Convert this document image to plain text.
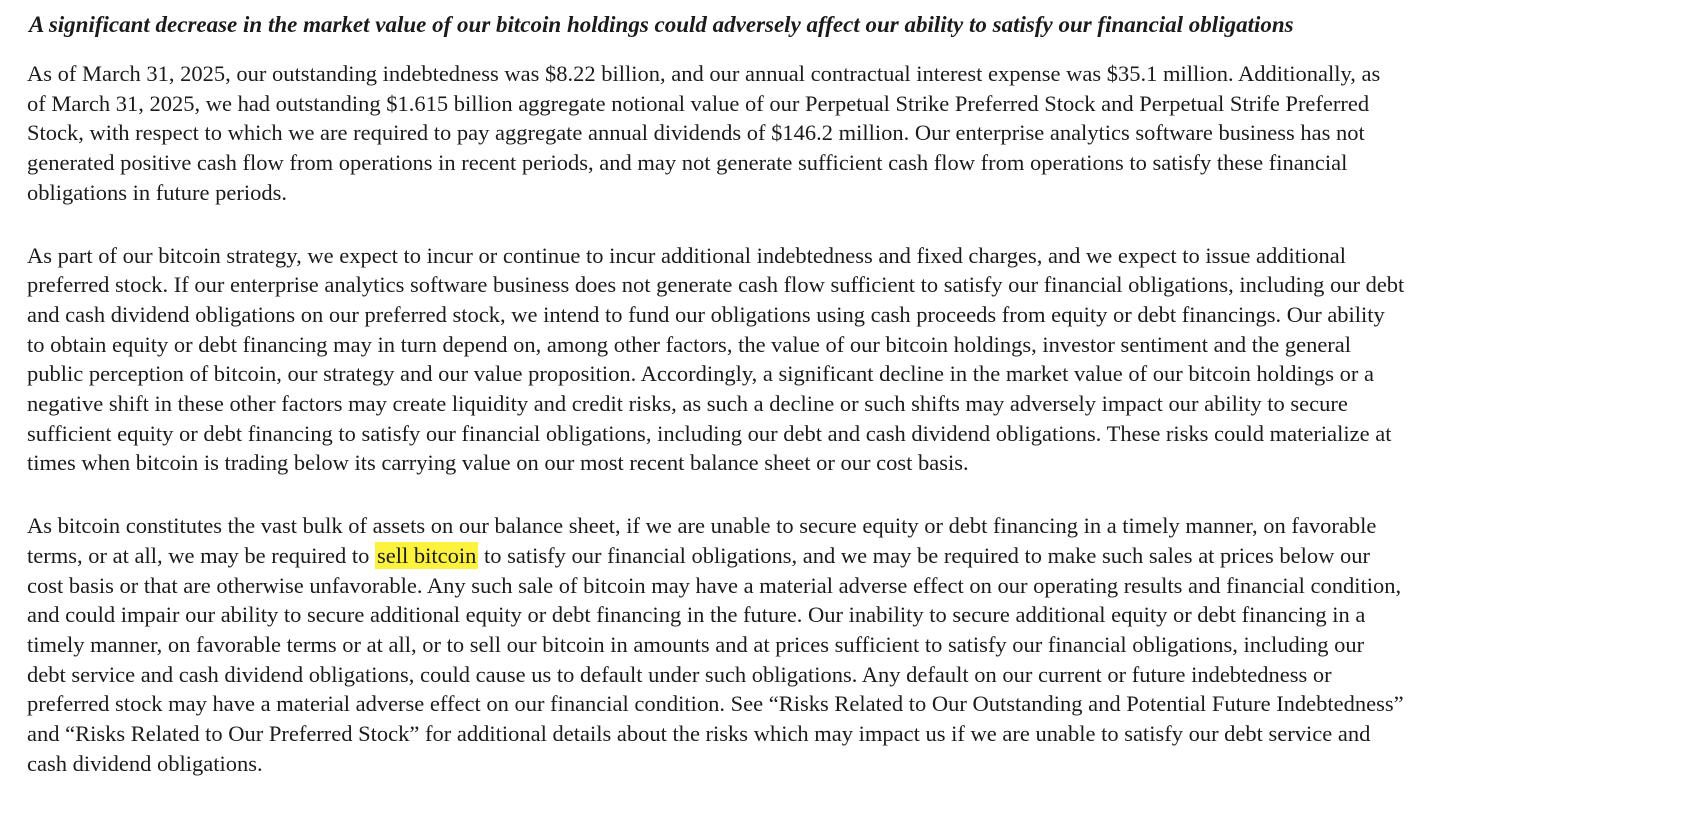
A significant decrease in the market value of our bitcoin holdings could adversely affect our ability to satisfy our financial obligations
As of March 31, 2025, our outstanding indebtedness was $8.22 billion, and our annual contractual interest expense was $35.1 million. Additionally, as
of March 31, 2025, we had outstanding $1.615 billion aggregate notional value of our Perpetual Strike Preferred Stock and Perpetual Strife Preferred
Stock, with respect to which we are required to pay aggregate annual dividends of $146.2 million. Our enterprise analytics software business has not
generated positive cash flow from operations in recent periods, and may not generate sufficient cash flow from operations to satisfy these financial
obligations in future periods.
As part of our bitcoin strategy, we expect to incur or continue to incur additional indebtedness and fixed charges, and we expect to issue additional
preferred stock. If our enterprise analytics software business does not generate cash flow sufficient to satisfy our financial obligations, including our debt
and cash dividend obligations on our preferred stock, we intend to fund our obligations using cash proceeds from equity or debt financings. Our ability
to obtain equity or debt financing may in turn depend on, among other factors, the value of our bitcoin holdings, investor sentiment and the general
public perception of bitcoin, our strategy and our value proposition. Accordingly, a significant decline in the market value of our bitcoin holdings or a
negative shift in these other factors may create liquidity and credit risks, as such a decline or such shifts may adversely impact our ability to secure
sufficient equity or debt financing to satisfy our financial obligations, including our debt and cash dividend obligations. These risks could materialize at
times when bitcoin is trading below its carrying value on our most recent balance sheet or our cost basis.
As bitcoin constitutes the vast bulk of assets on our balance sheet, if we are unable to secure equity or debt financing in a timely manner, on favorable
terms, or at all, we may be required to sell bitcoin to satisfy our financial obligations, and we may be required to make such sales at prices below our
cost basis or that are otherwise unfavorable. Any such sale of bitcoin may have a material adverse effect on our operating results and financial condition,
and could impair our ability to secure additional equity or debt financing in the future. Our inability to secure additional equity or debt financing in a
timely manner, on favorable terms or at all, or to sell our bitcoin in amounts and at prices sufficient to satisfy our financial obligations, including our
debt service and cash dividend obligations, could cause us to default under such obligations. Any default on our current or future indebtedness or
preferred stock may have a material adverse effect on our financial condition. See “Risks Related to Our Outstanding and Potential Future Indebtedness”
and “Risks Related to Our Preferred Stock” for additional details about the risks which may impact us if we are unable to satisfy our debt service and
cash dividend obligations.
